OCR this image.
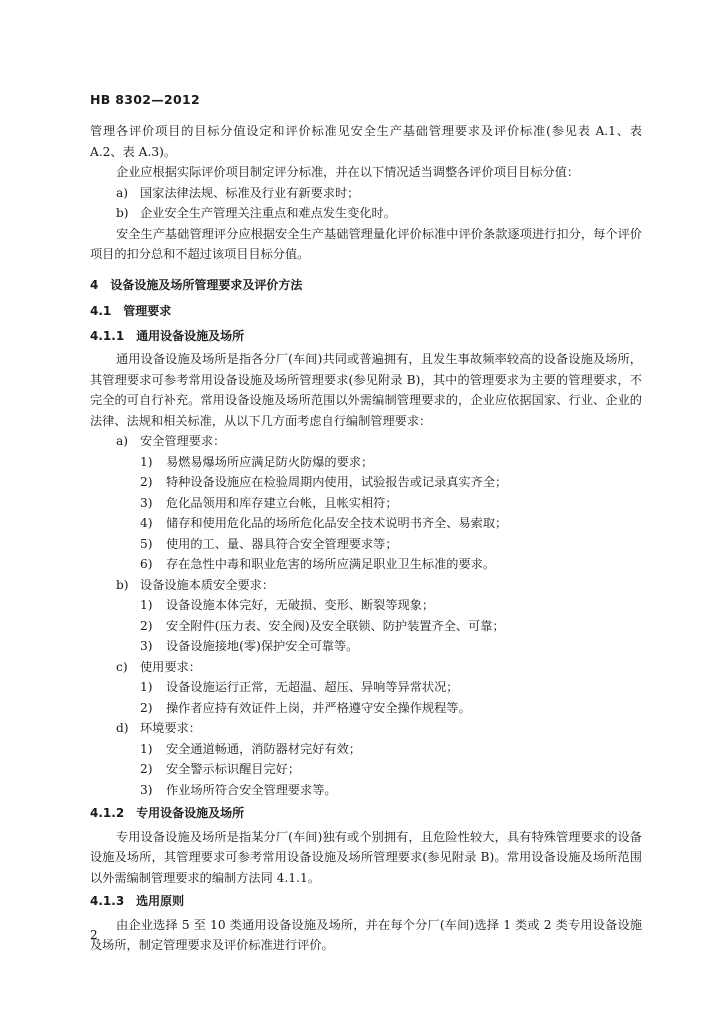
HB 8302—2012

管理各评价项目的目标分值设定和评价标准见安全生产基础管理要求及评价标准(参见表 A.1、表 A.2、表 A.3)。

企业应根据实际评价项目制定评分标准，并在以下情况适当调整各评价项目目标分值：

a) 国家法律法规、标准及行业有新要求时；
b) 企业安全生产管理关注重点和难点发生变化时。

安全生产基础管理评分应根据安全生产基础管理量化评价标准中评价条款逐项进行扣分，每个评价项目的扣分总和不超过该项目目标分值。

4 设备设施及场所管理要求及评价方法

4.1 管理要求

4.1.1 通用设备设施及场所

通用设备设施及场所是指各分厂(车间)共同或普遍拥有，且发生事故频率较高的设备设施及场所，其管理要求可参考常用设备设施及场所管理要求(参见附录 B)，其中的管理要求为主要的管理要求，不完全的可自行补充。常用设备设施及场所范围以外需编制管理要求的，企业应依据国家、行业、企业的法律、法规和相关标准，从以下几方面考虑自行编制管理要求：

a) 安全管理要求：
1)	易燃易爆场所应满足防火防爆的要求；
2)	特种设备设施应在检验周期内使用，试验报告或记录真实齐全；
3)	危化品领用和库存建立台帐，且帐实相符；
4)	储存和使用危化品的场所危化品安全技术说明书齐全、易索取；
5)	使用的工、量、器具符合安全管理要求等；
6)	存在急性中毒和职业危害的场所应满足职业卫生标准的要求。
b) 设备设施本质安全要求：
1)	设备设施本体完好，无破损、变形、断裂等现象；
2)	安全附件(压力表、安全阀)及安全联锁、防护装置齐全、可靠；
3)	设备设施接地(零)保护安全可靠等。
c)	使用要求：
1)	设备设施运行正常，无超温、超压、异响等异常状况；
2)	操作者应持有效证件上岗，并严格遵守安全操作规程等。
d) 环境要求：
1)	安全通道畅通，消防器材完好有效；
2)	安全警示标识醒目完好；
3)	作业场所符合安全管理要求等。

4.1.2 专用设备设施及场所

专用设备设施及场所是指某分厂(车间)独有或个别拥有，且危险性较大，具有特殊管理要求的设备设施及场所，其管理要求可参考常用设备设施及场所管理要求(参见附录 B)。常用设备设施及场所范围以外需编制管理要求的编制方法同 4.1.1。

4.1.3 选用原则

由企业选择 5 至 10 类通用设备设施及场所，并在每个分厂(车间)选择 1 类或 2 类专用设备设施及场所，制定管理要求及评价标准进行评价。

2
